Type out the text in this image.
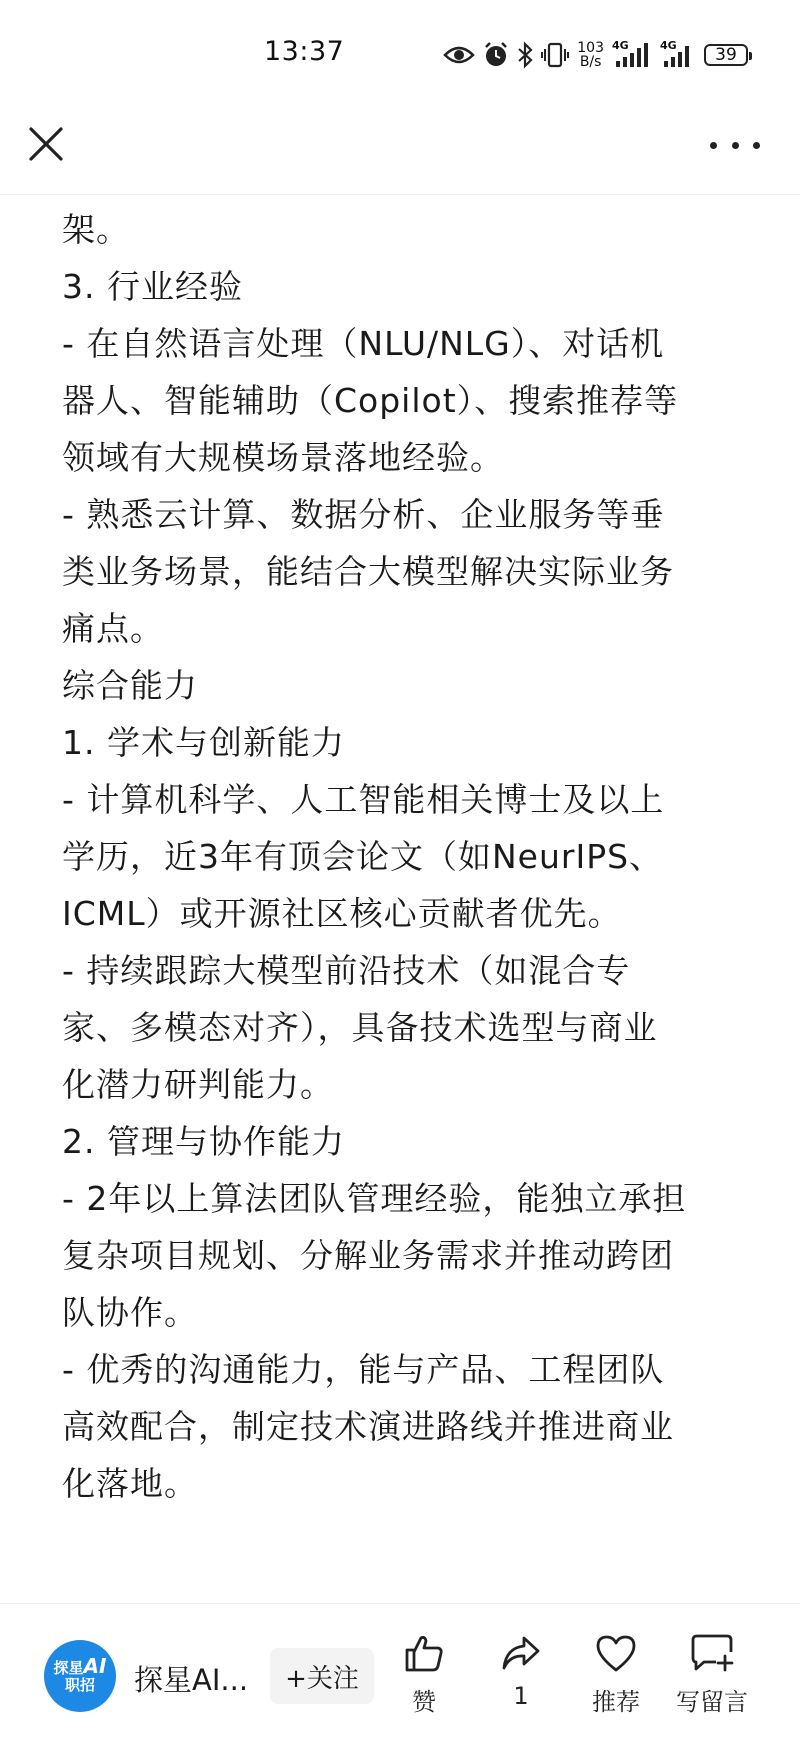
13:37	103
B/s
4G	4G 39

架。

3. 行业经验

- 在自然语言处理（NLU/NLG）、对话机

器人、智能辅助（Copilot）、搜索推荐等

领域有大规模场景落地经验。

- 熟悉云计算、数据分析、企业服务等垂

类业务场景，能结合大模型解决实际业务

痛点。

综合能力

1. 学术与创新能力

- 计算机科学、人工智能相关博士及以上

学历，近3年有顶会论文（如NeurIPS、

ICML）或开源社区核心贡献者优先。

- 持续跟踪大模型前沿技术（如混合专

家、多模态对齐），具备技术选型与商业

化潜力研判能力。

2. 管理与协作能力

- 2年以上算法团队管理经验，能独立承担

复杂项目规划、分解业务需求并推动跨团

队协作。

- 优秀的沟通能力，能与产品、工程团队

高效配合，制定技术演进路线并推进商业

化落地。

探星AI
职招 探星AI...	+关注
赞	1	推荐 写留言
